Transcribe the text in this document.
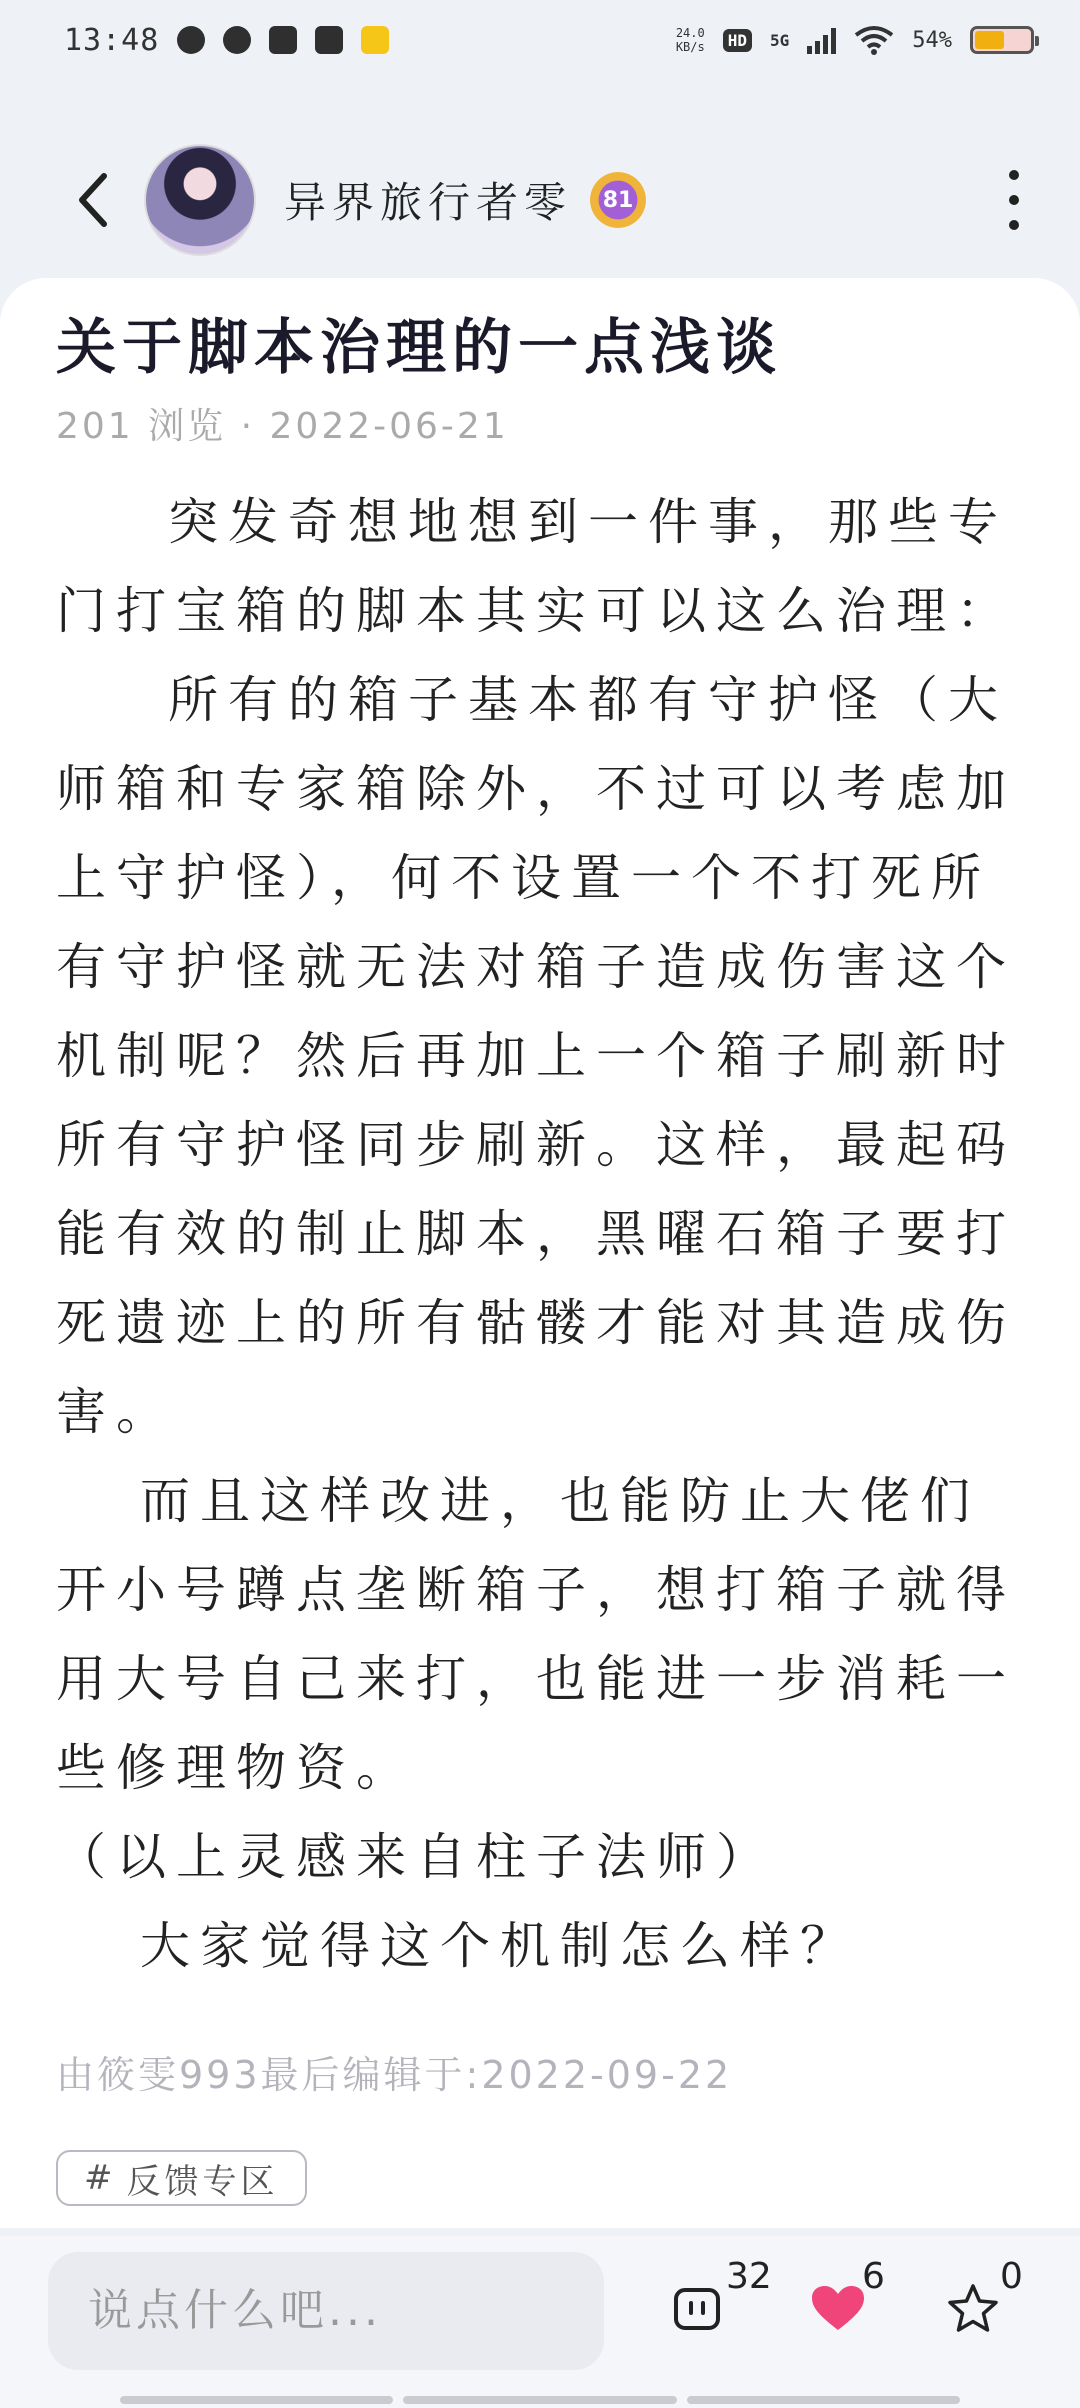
13:48	24.0
KB/s	HD	5G	54%
异界旅行者零	81
关于脚本治理的一点浅谈
201 浏览 · 2022-06-21

突发奇想地想到一件事，那些专门打宝箱的脚本其实可以这么治理：

所有的箱子基本都有守护怪（大师箱和专家箱除外，不过可以考虑加上守护怪），何不设置一个不打死所有守护怪就无法对箱子造成伤害这个机制呢？然后再加上一个箱子刷新时所有守护怪同步刷新。这样，最起码能有效的制止脚本，黑曜石箱子要打死遗迹上的所有骷髅才能对其造成伤害。

而且这样改进，也能防止大佬们开小号蹲点垄断箱子，想打箱子就得用大号自己来打，也能进一步消耗一些修理物资。

（以上灵感来自柱子法师）

大家觉得这个机制怎么样？

由筱雯993最后编辑于:2022-09-22
# 反馈专区
说点什么吧...
32	6	0
